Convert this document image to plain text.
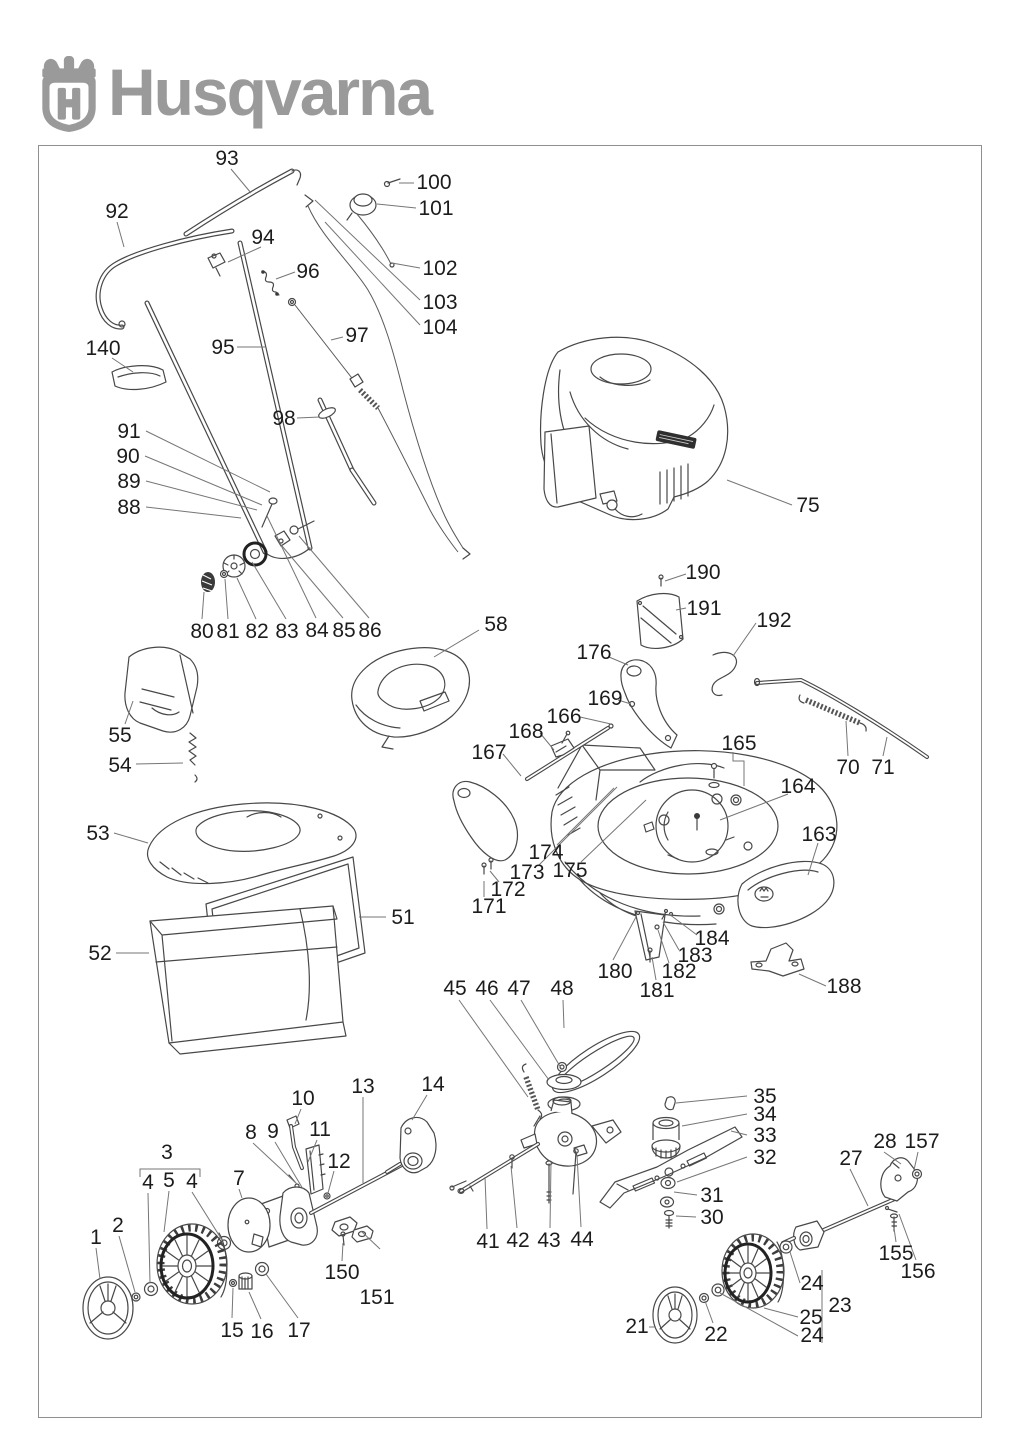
Husqvarna
93
92
100
101
102
103
104
94
96
95
97
140
98
91
90
89
88	75
80 81 82 83 84 85 86	58
55
54
53
51
52
190
191
192
176
169
166
168
167	165
70 71
164
163
174
173 175
172
171
184
183
182
181
180
188
45 46 47 48
35
34
33
32
31
30
41 42 43 44
13 14
10
8 9 11
12
3
4 5 4 7
1
2
150
151
15 16 17	21	22
23
24
25
24
27
28 157
155
156
